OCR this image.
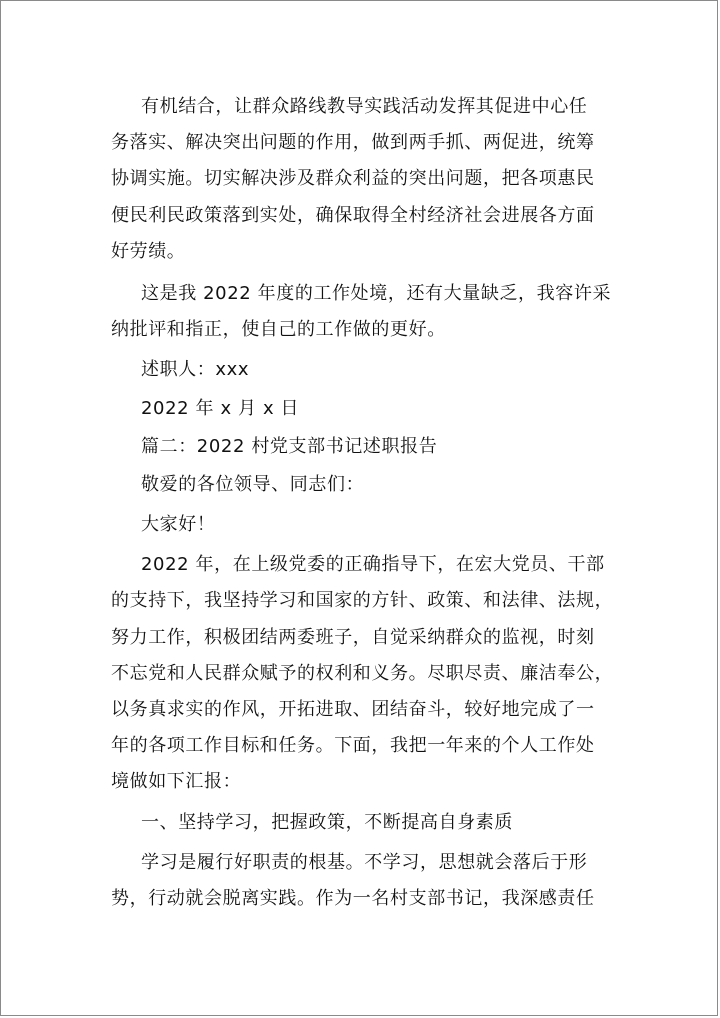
有机结合，让群众路线教导实践活动发挥其促进中心任
务落实、解决突出问题的作用，做到两手抓、两促进，统筹
协调实施。切实解决涉及群众利益的突出问题，把各项惠民
便民利民政策落到实处，确保取得全村经济社会进展各方面
好劳绩。
这是我 2022 年度的工作处境，还有大量缺乏，我容许采
纳批评和指正，使自己的工作做的更好。
述职人：xxx
2022 年 x 月 x 日
篇二：2022 村党支部书记述职报告
敬爱的各位领导、同志们：
大家好！
2022 年，在上级党委的正确指导下，在宏大党员、干部
的支持下，我坚持学习和国家的方针、政策、和法律、法规，
努力工作，积极团结两委班子，自觉采纳群众的监视，时刻
不忘党和人民群众赋予的权利和义务。尽职尽责、廉洁奉公，
以务真求实的作风，开拓进取、团结奋斗，较好地完成了一
年的各项工作目标和任务。下面，我把一年来的个人工作处
境做如下汇报：
一、坚持学习，把握政策，不断提高自身素质
学习是履行好职责的根基。不学习，思想就会落后于形
势，行动就会脱离实践。作为一名村支部书记，我深感责任
